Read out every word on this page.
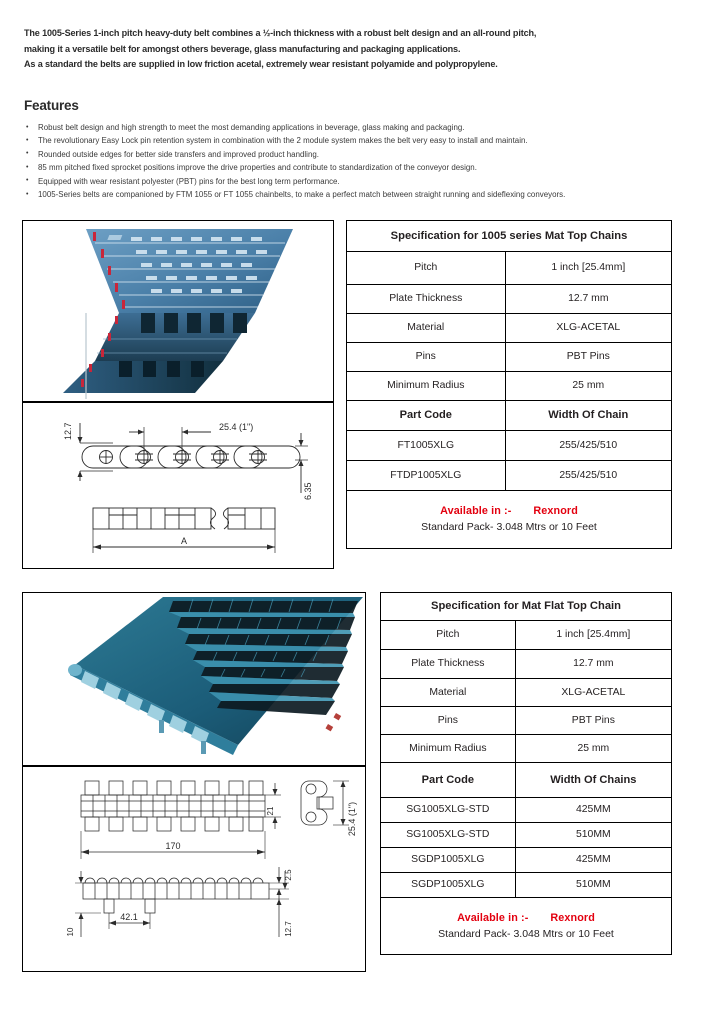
The 1005-Series 1-inch pitch heavy-duty belt combines a ½-inch thickness with a robust belt design and an all-round pitch,

making it a versatile belt for amongst others beverage, glass manufacturing and packaging applications.

As a standard the belts are supplied in low friction acetal, extremely wear resistant polyamide and polypropylene.

Features
• Robust belt design and high strength to meet the most demanding applications in beverage, glass making and packaging.
• The revolutionary Easy Lock pin retention system in combination with the 2 module system makes the belt very easy to install and maintain.
• Rounded outside edges for better side transfers and improved product handling.
• 85 mm pitched fixed sprocket positions improve the drive properties and contribute to standardization of the conveyor design.
• Equipped with wear resistant polyester (PBT) pins for the best long term performance.
• 1005-Series belts are companioned by FTM 1055 or FT 1055 chainbelts, to make a perfect match between straight running and sideflexing conveyors.
12.7	25.4 (1")
6.35
A
Specification for 1005 series Mat Top Chains	
Pitch	1 inch [25.4mm]
Plate Thickness	12.7 mm
Material	XLG-ACETAL
Pins	PBT Pins
Minimum Radius	25 mm
Part Code	Width Of Chain
FT1005XLG	255/425/510
FTDP1005XLG	255/425/510
Available in :- Rexnord
Standard Pack- 3.048 Mtrs or 10 Feet	
170
21	25.4 (1")
10
42.1
2.5
12.7
Specification for Mat Flat Top Chain	
Pitch	1 inch [25.4mm]
Plate Thickness	12.7 mm
Material	XLG-ACETAL
Pins	PBT Pins
Minimum Radius	25 mm
Part Code	Width Of Chains
SG1005XLG-STD	425MM
SG1005XLG-STD	510MM
SGDP1005XLG	425MM
SGDP1005XLG	510MM
Available in :- Rexnord
Standard Pack- 3.048 Mtrs or 10 Feet	
